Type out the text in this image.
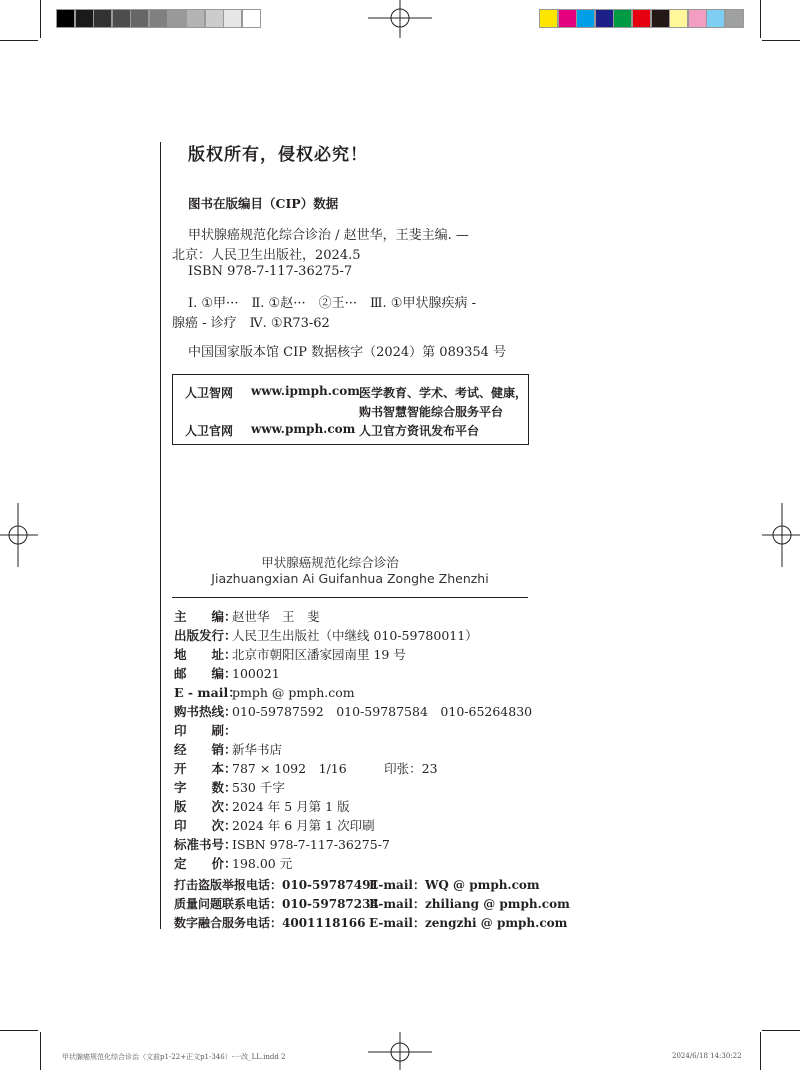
版权所有，侵权必究！
图书在版编目（CIP）数据
甲状腺癌规范化综合诊治 / 赵世华，王斐主编. —
北京：人民卫生出版社，2024.5
ISBN 978-7-117-36275-7
Ⅰ. ①甲···　Ⅱ. ①赵···　②王···　Ⅲ. ①甲状腺疾病 -
腺癌 - 诊疗　Ⅳ. ①R73-62
中国国家版本馆 CIP 数据核字（2024）第 089354 号
人卫智网 www.ipmph.com 医学教育、学术、考试、健康，
购书智慧智能综合服务平台
人卫官网 www.pmph.com 人卫官方资讯发布平台
甲状腺癌规范化综合诊治
Jiazhuangxian Ai Guifanhua Zonghe Zhenzhi
主　　编：赵世华　王　斐
出版发行：人民卫生出版社（中继线 010-59780011）
地　　址：北京市朝阳区潘家园南里 19 号
邮　　编：100021
E - mail：pmph @ pmph.com
购书热线：010-59787592　010-59787584　010-65264830
印　　刷：
经　　销：新华书店
开　　本：787 × 1092　1/16　　　印张：23
字　　数：530 千字
版　　次：2024 年 5 月第 1 版
印　　次：2024 年 6 月第 1 次印刷
标准书号：ISBN 978-7-117-36275-7
定　　价：198.00 元
打击盗版举报电话：010-59787491
E-mail：WQ @ pmph.com
质量问题联系电话：010-59787234
E-mail：zhiliang @ pmph.com
数字融合服务电话：4001118166 E-mail：zengzhi @ pmph.com
甲状腺癌规范化综合诊治（文前p1-22+正文p1-346）-一改_LL.indd 2	2024/6/18 14:30:22
